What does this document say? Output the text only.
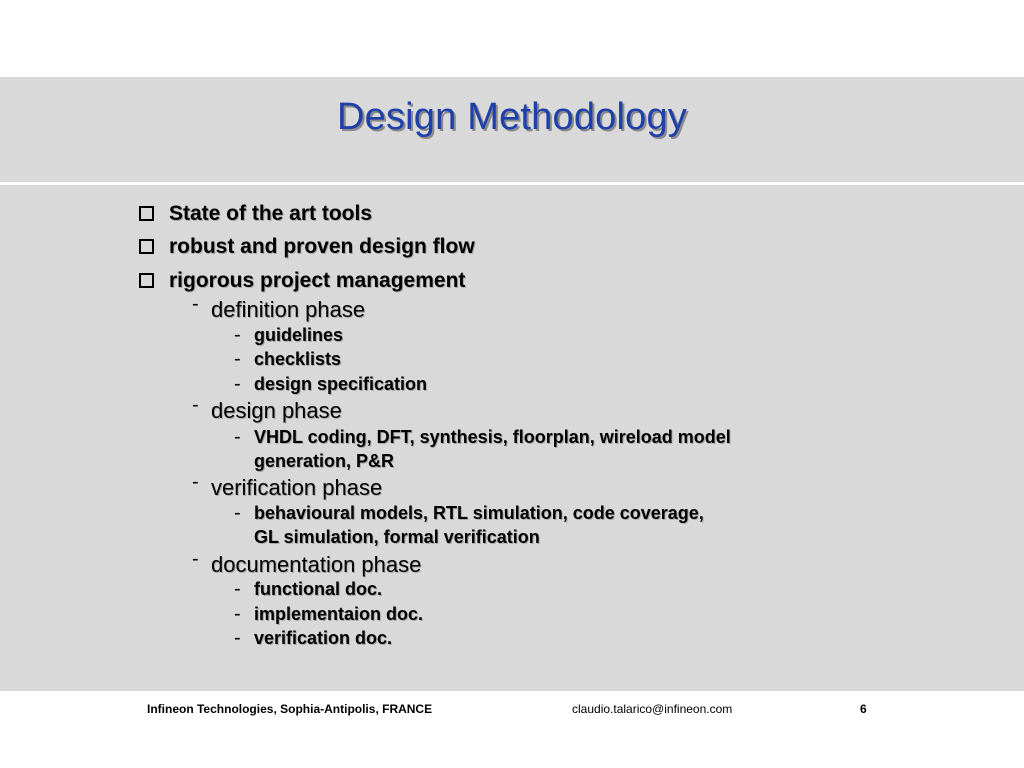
Design Methodology
State of the art tools
robust and proven design flow
rigorous project management
- definition phase
- guidelines
- checklists
- design specification
- design phase
- VHDL coding, DFT, synthesis, floorplan, wireload model
generation, P&R
- verification phase
- behavioural models, RTL simulation, code coverage,
GL simulation, formal verification
- documentation phase
- functional doc.
- implementaion doc.
- verification doc.
Infineon Technologies, Sophia-Antipolis, FRANCE	claudio.talarico@infineon.com	6
